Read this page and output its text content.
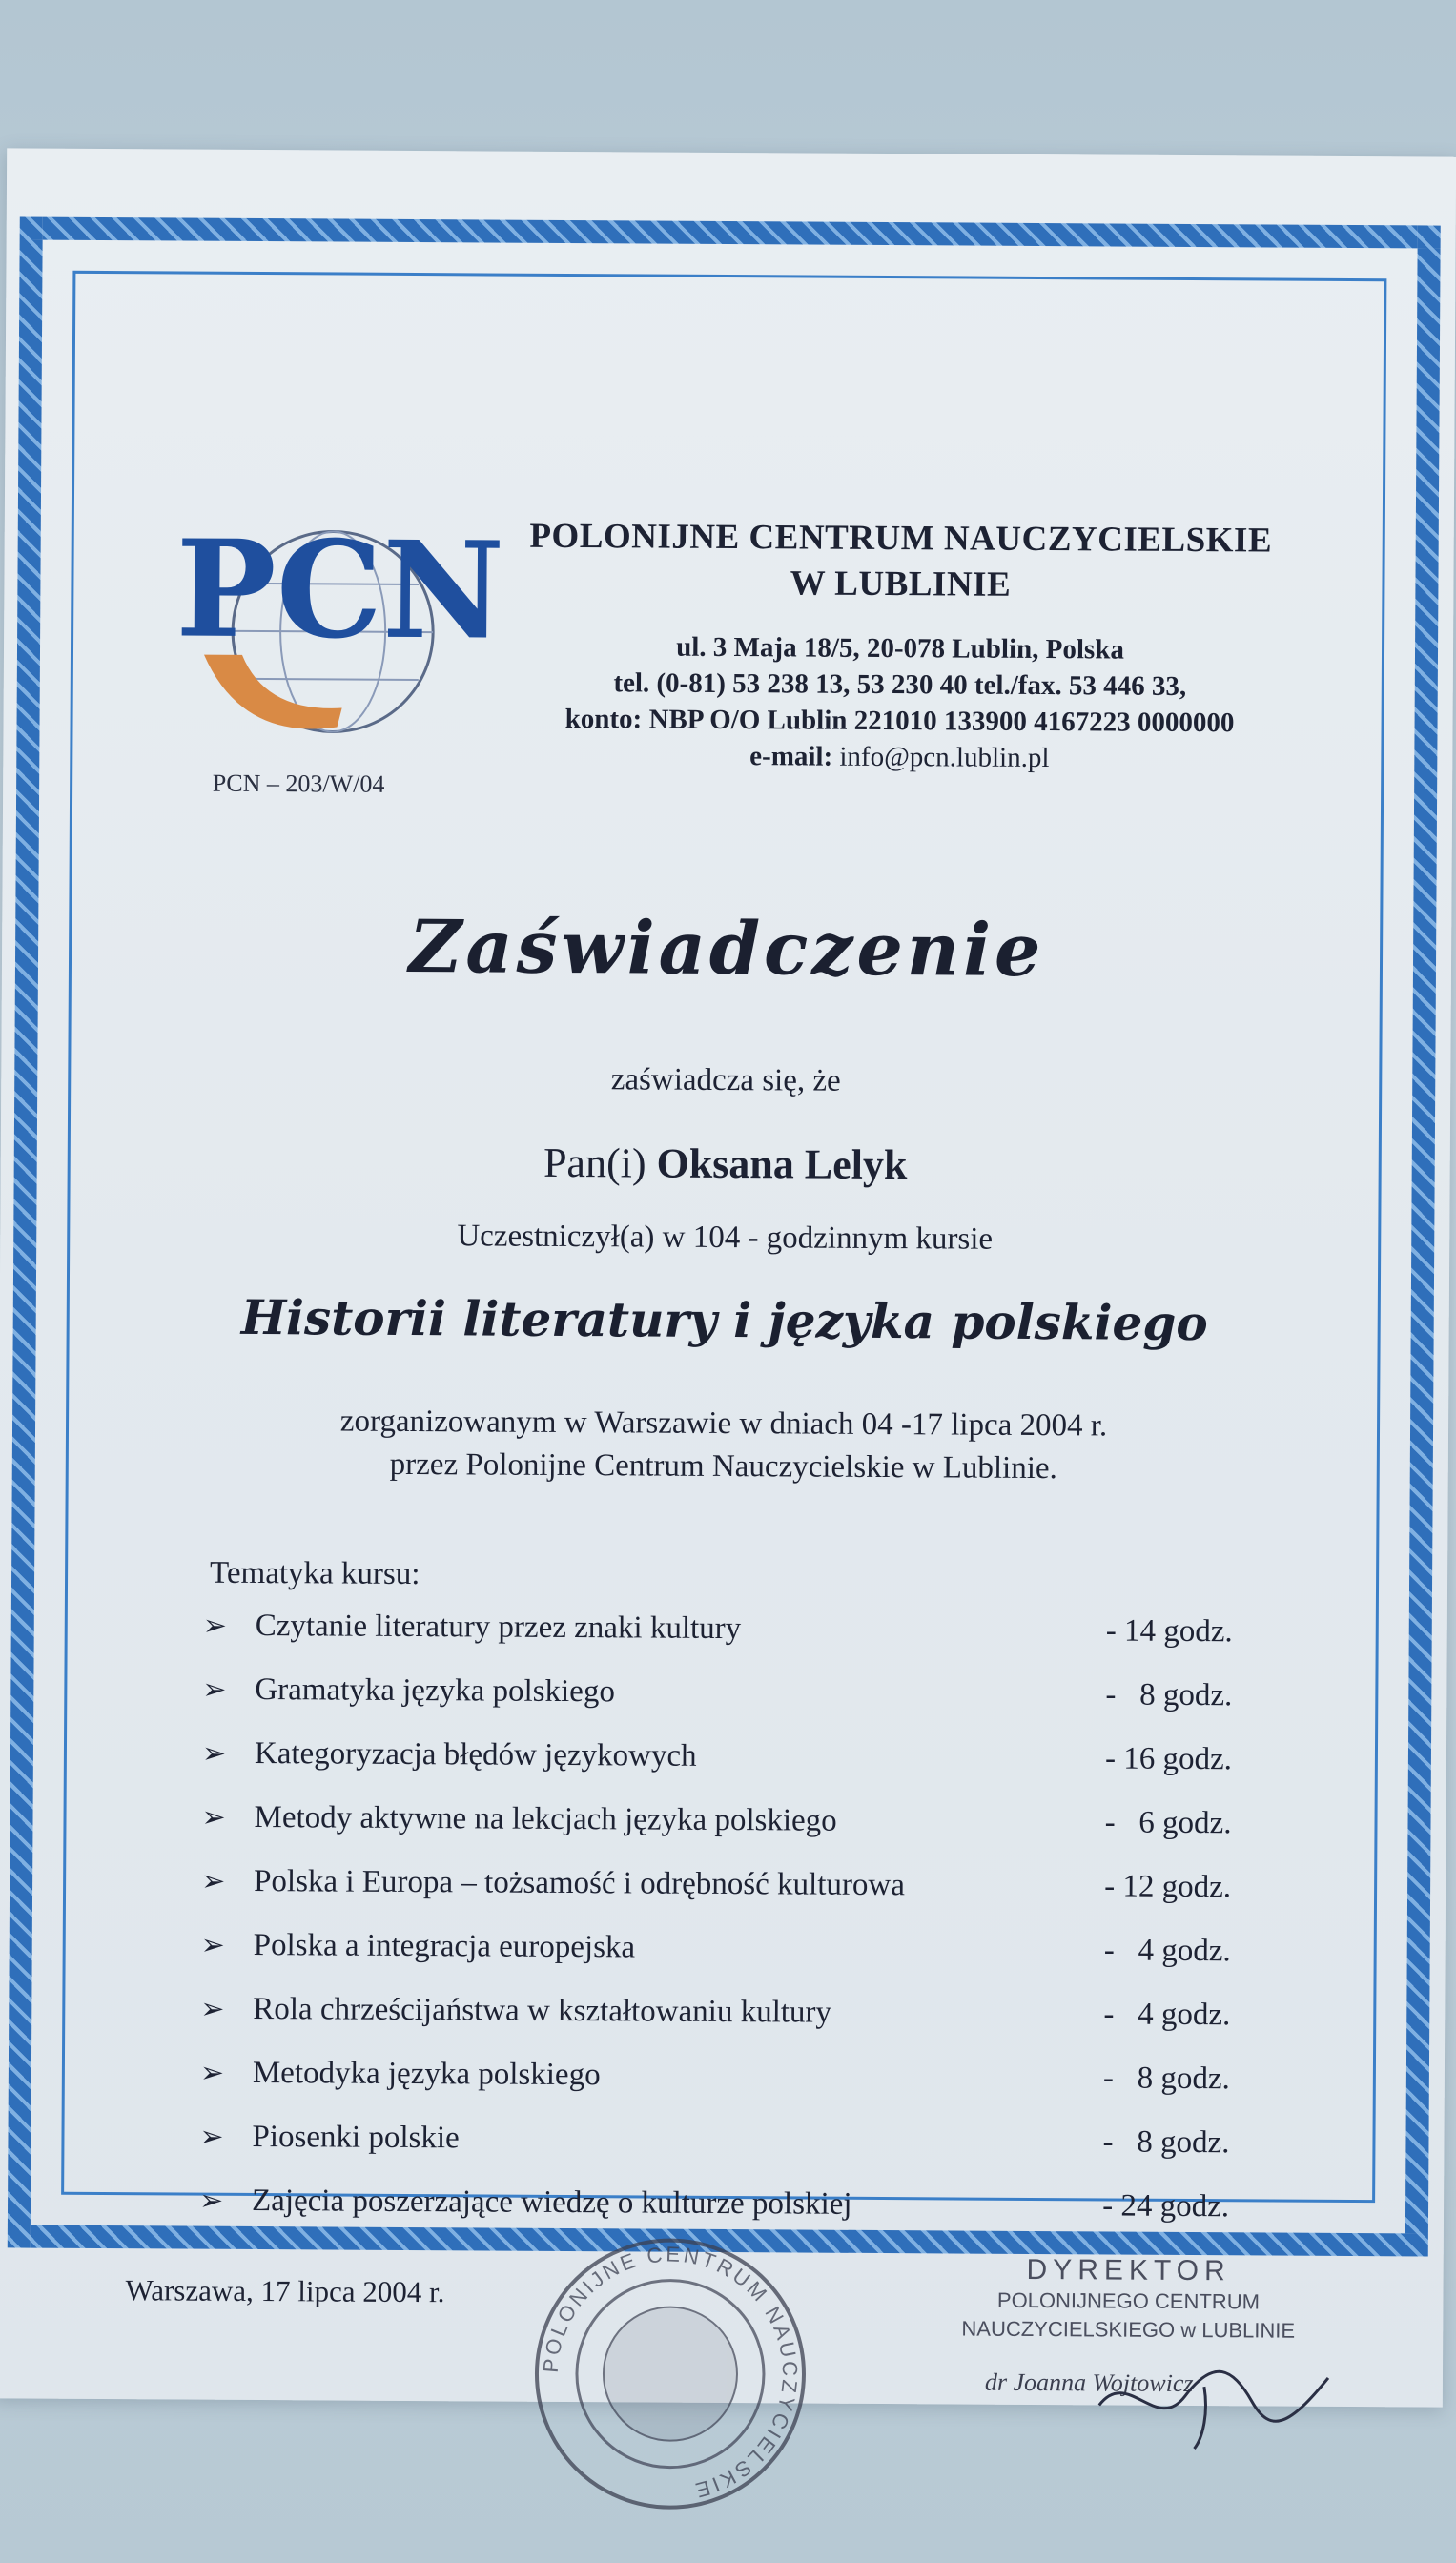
PCN
PCN – 203/W/04
POLONIJNE CENTRUM NAUCZYCIELSKIE
W LUBLINIE
ul. 3 Maja 18/5, 20-078 Lublin, Polska
tel. (0-81) 53 238 13, 53 230 40 tel./fax. 53 446 33,
konto: NBP O/O Lublin 221010 133900 4167223 0000000
e-mail: info@pcn.lublin.pl
Zaświadczenie
zaświadcza się, że
Pan(i) Oksana Lelyk
Uczestniczył(a) w 104 - godzinnym kursie
Historii literatury i języka polskiego
zorganizowanym w Warszawie w dniach 04 -17 lipca 2004 r.
przez Polonijne Centrum Nauczycielskie w Lublinie.
Tematyka kursu:
➢ Czytanie literatury przez znaki kultury	- 14 godz.
➢ Gramatyka języka polskiego	-   8 godz.
➢ Kategoryzacja błędów językowych	- 16 godz.
➢ Metody aktywne na lekcjach języka polskiego	-   6 godz.
➢ Polska i Europa – tożsamość i odrębność kulturowa	- 12 godz.
➢ Polska a integracja europejska	-   4 godz.
➢ Rola chrześcijaństwa w kształtowaniu kultury	-   4 godz.
➢ Metodyka języka polskiego	-   8 godz.
➢ Piosenki polskie	-   8 godz.
➢ Zajęcia poszerzające wiedzę o kulturze polskiej	- 24 godz.
Warszawa, 17 lipca 2004 r.
POLONIJNE CENTRUM NAUCZYCIELSKIE
DYREKTOR
POLONIJNEGO CENTRUM
NAUCZYCIELSKIEGO w LUBLINIE
dr Joanna Wojtowicz
